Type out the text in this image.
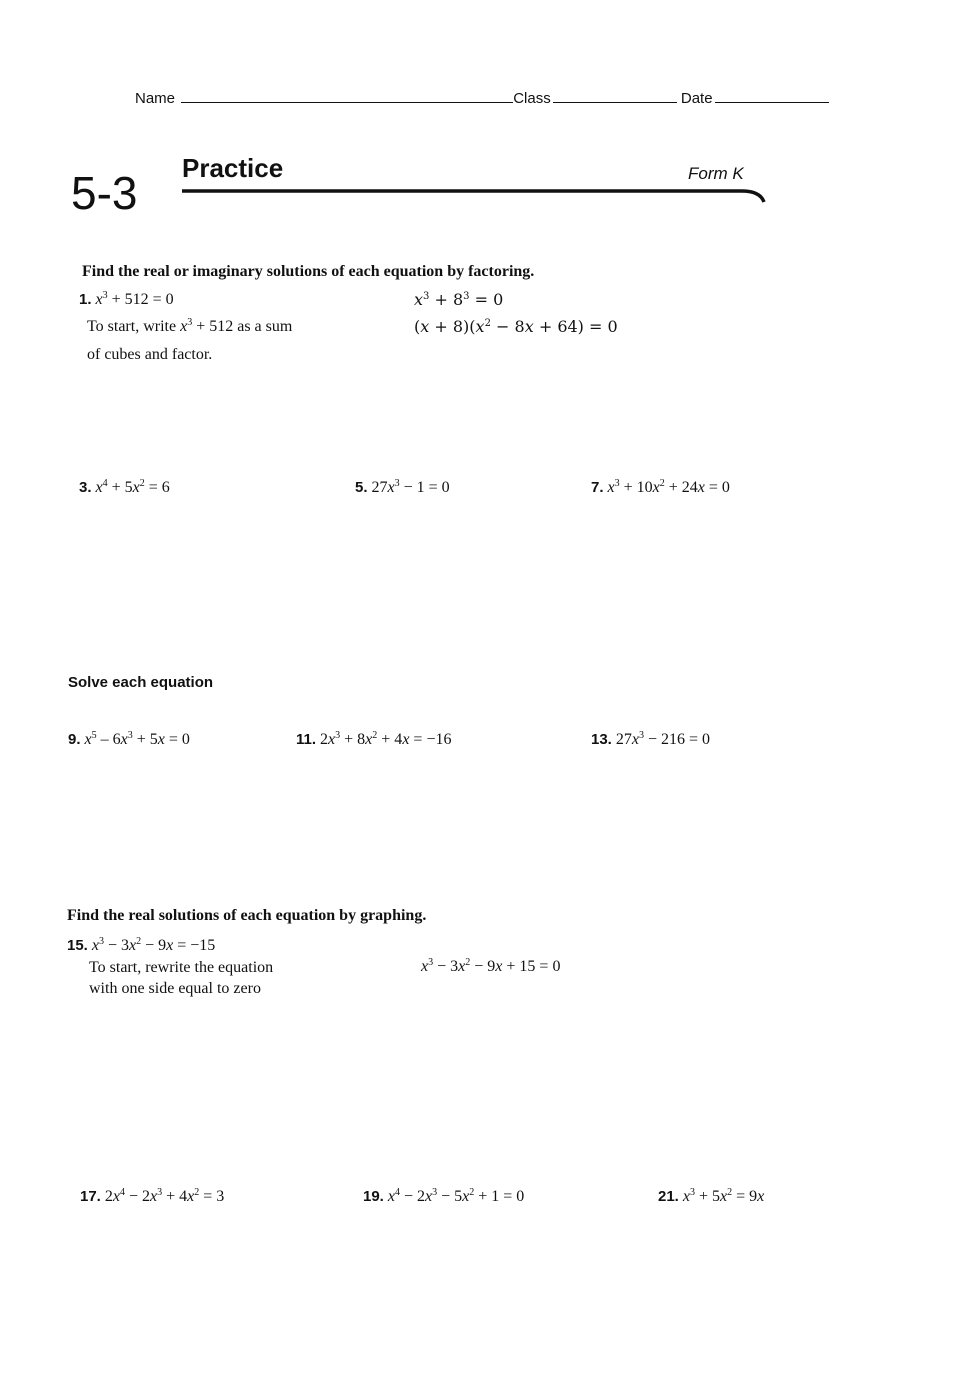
Name	Class	Date
5-3 Practice	Form K
Find the real or imaginary solutions of each equation by factoring.
1. $x^3 + 512 = 0$
To start, write $x^3 + 512$ as a sum
of cubes and factor.
$x^3 + 8^3 = 0$
$(x + 8)(x^2 - 8x + 64) = 0$
3. $x^4 + 5x^2 = 6$	5. $27x^3 - 1 = 0$	7. $x^3 + 10x^2 + 24x = 0$
Solve each equation
9. $x^5 - 6x^3 + 5x = 0$	11. $2x^3 + 8x^2 + 4x = -16$	13. $27x^3 - 216 = 0$
Find the real solutions of each equation by graphing.
15. $x^3 - 3x^2 - 9x = -15$
To start, rewrite the equation
with one side equal to zero
$x^3 - 3x^2 - 9x + 15 = 0$
17. $2x^4 - 2x^3 + 4x^2 = 3$	19. $x^4 - 2x^3 - 5x^2 + 1 = 0$	21. $x^3 + 5x^2 = 9x$
